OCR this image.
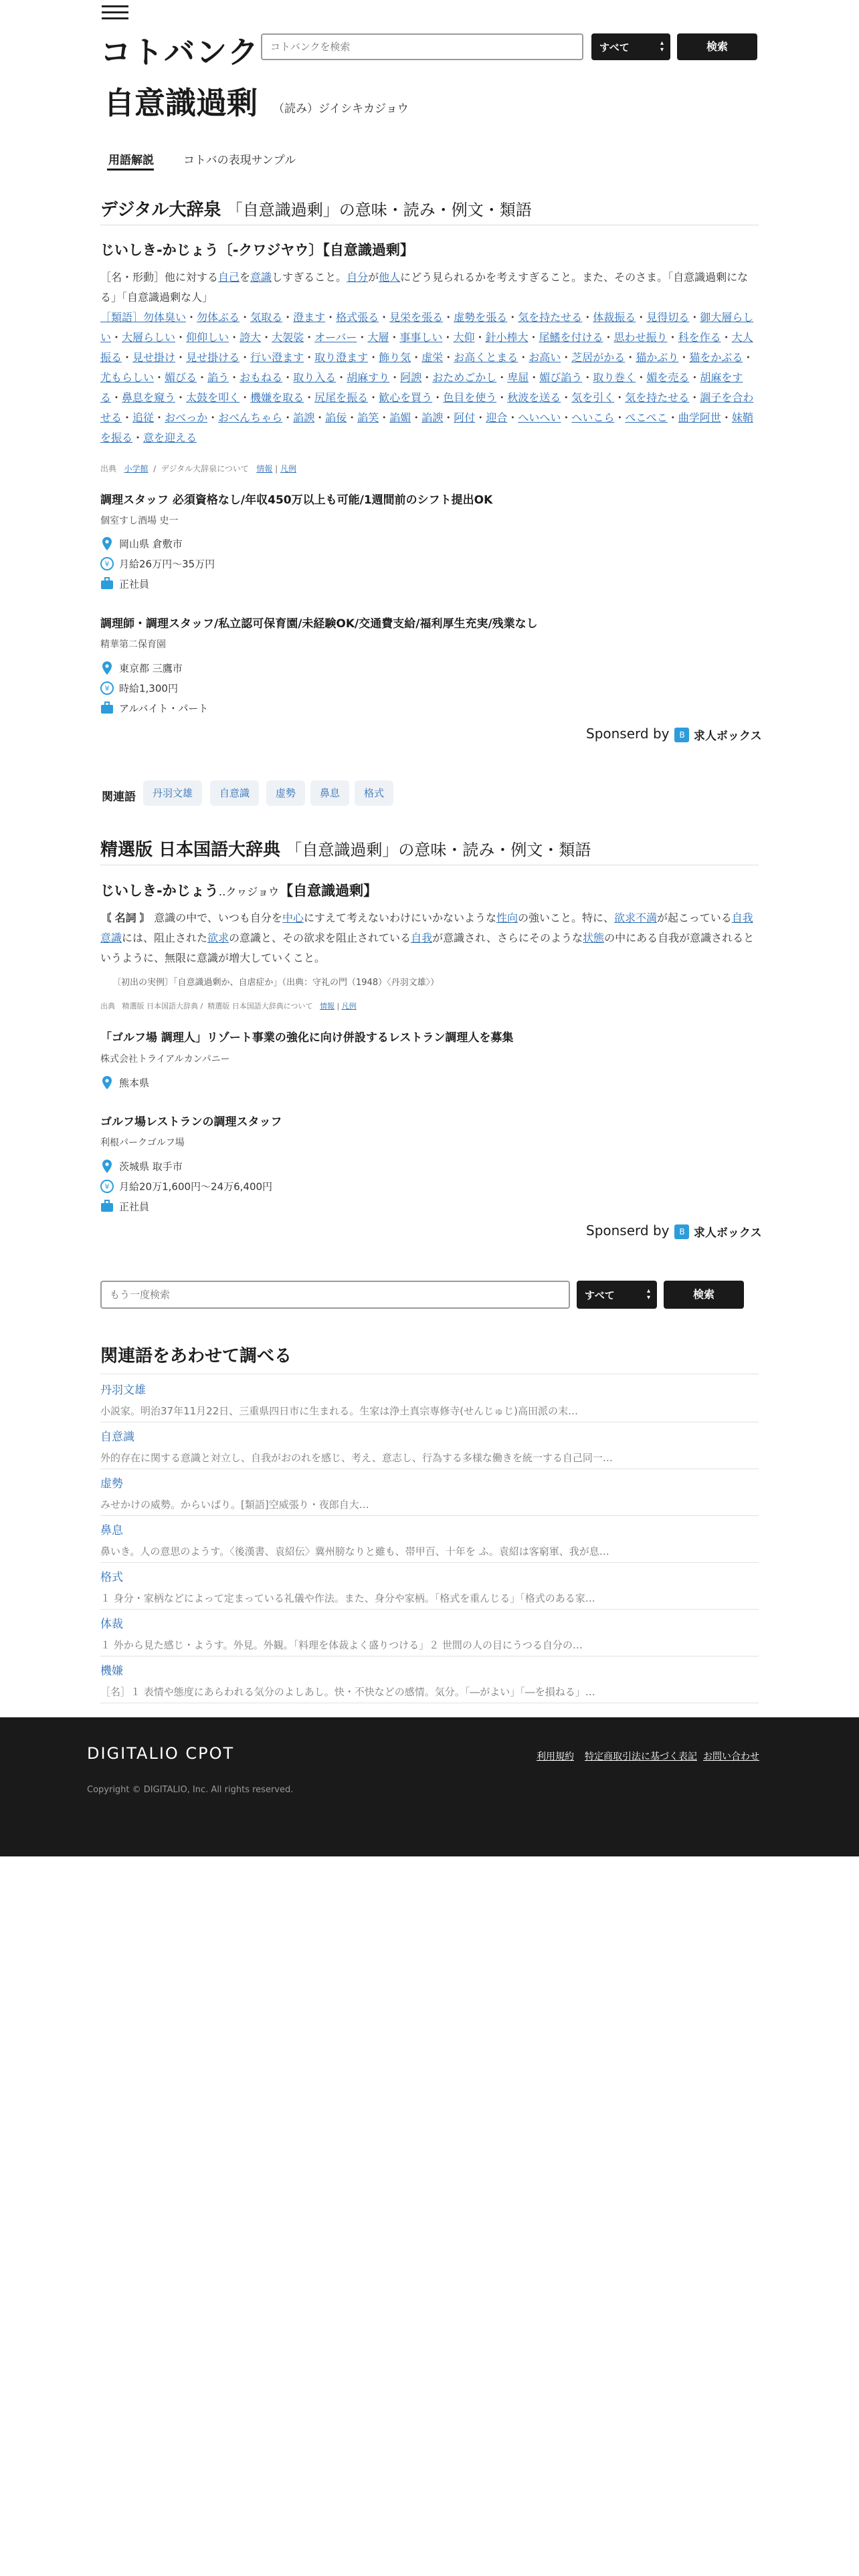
コトバンク
コトバンクを検索	すべて	▴
▾	検索
自意識過剰 （読み）ジイシキカジョウ
用語解説	コトバの表現サンプル
デジタル大辞泉 「自意識過剰」の意味・読み・例文・類語
じいしき‐かじょう〔‐クワジヤウ〕【自意識過剰】
［名・形動］他に対する自己を意識しすぎること。自分が他人にどう見られるかを考えすぎること。また、そのさま。「自意識過剰になる」「自意識過剰な人」
［類語］勿体臭い・勿体ぶる・気取る・澄ます・格式張る・見栄を張る・虚勢を張る・気を持たせる・体裁振る・見得切る・御大層らしい・大層らしい・仰仰しい・誇大・大袈裟・オーバー・大層・事事しい・大仰・針小棒大・尾鰭を付ける・思わせ振り・科を作る・大人振る・見せ掛け・見せ掛ける・行い澄ます・取り澄ます・飾り気・虚栄・お高くとまる・お高い・芝居がかる・猫かぶり・猫をかぶる・尤もらしい・媚びる・諂う・おもねる・取り入る・胡麻すり・阿諛・おためごかし・卑屈・媚び諂う・取り巻く・媚を売る・胡麻をする・鼻息を窺う・太鼓を叩く・機嫌を取る・尻尾を振る・歓心を買う・色目を使う・秋波を送る・気を引く・気を持たせる・調子を合わせる・追従・おべっか・おべんちゃら・諂諛・諂佞・諂笑・諂媚・諂諛・阿付・迎合・へいへい・へいこら・ぺこぺこ・曲学阿世・妹鞘を振る・意を迎える
出典 小学館  /  デジタル大辞泉について 情報 | 凡例
調理スタッフ 必須資格なし/年収450万以上も可能/1週間前のシフト提出OK
個室すし酒場 史一
岡山県 倉敷市
¥ 月給26万円〜35万円
正社員
調理師・調理スタッフ/私立認可保育園/未経験OK/交通費支給/福利厚生充実/残業なし
精華第二保育園
東京都 三鷹市
¥ 時給1,300円
アルバイト・パート
Sponserd by B 求人ボックス
関連語	丹羽文雄	自意識	虚勢	鼻息	格式
精選版 日本国語大辞典 「自意識過剰」の意味・読み・例文・類語
じいしき‐かじょう‥クヮジョウ【自意識過剰】
〘 名詞 〙 意識の中で、いつも自分を中心にすえて考えないわけにいかないような性向の強いこと。特に、欲求不満が起こっている自我意識には、阻止された欲求の意識と、その欲求を阻止されている自我が意識され、さらにそのような状態の中にある自我が意識されるというように、無限に意識が増大していくこと。
〔初出の実例〕「自意識過剰か、自虐症か」（出典：守礼の門（1948）〈丹羽文雄〉）
出典 精選版 日本国語大辞典 /  精選版 日本国語大辞典について 情報 | 凡例
「ゴルフ場 調理人」リゾート事業の強化に向け併設するレストラン調理人を募集
株式会社トライアルカンパニー
熊本県
ゴルフ場レストランの調理スタッフ
利根パークゴルフ場
茨城県 取手市
¥ 月給20万1,600円〜24万6,400円
正社員
Sponserd by B 求人ボックス
もう一度検索
すべて	▴
▾	検索
関連語をあわせて調べる
丹羽文雄
小説家。明治37年11月22日、三重県四日市に生まれる。生家は浄土真宗専修寺(せんじゅじ)高田派の末…
自意識
外的存在に関する意識と対立し、自我がおのれを感じ、考え、意志し、行為する多様な働きを統一する自己同一…
虚勢
みせかけの威勢。からいばり。[類語]空威張り・夜郎自大…
鼻息
鼻いき。人の意思のようす。〈後漢書、袁紹伝〉冀州膀なりと雖も、帯甲百、十年を ふ。袁紹は客窮軍、我が息…
格式
１ 身分・家柄などによって定まっている礼儀や作法。また、身分や家柄。「格式を重んじる」「格式のある家…
体裁
１ 外から見た感じ・ようす。外見。外観。「料理を体裁よく盛りつける」２ 世間の人の目にうつる自分の…
機嫌
［名］１ 表情や態度にあらわれる気分のよしあし。快・不快などの感情。気分。「―がよい」「―を損ねる」…
DIGITALIO CPOT	利用規約 特定商取引法に基づく表記 お問い合わせ
Copyright © DIGITALIO, Inc. All rights reserved.
